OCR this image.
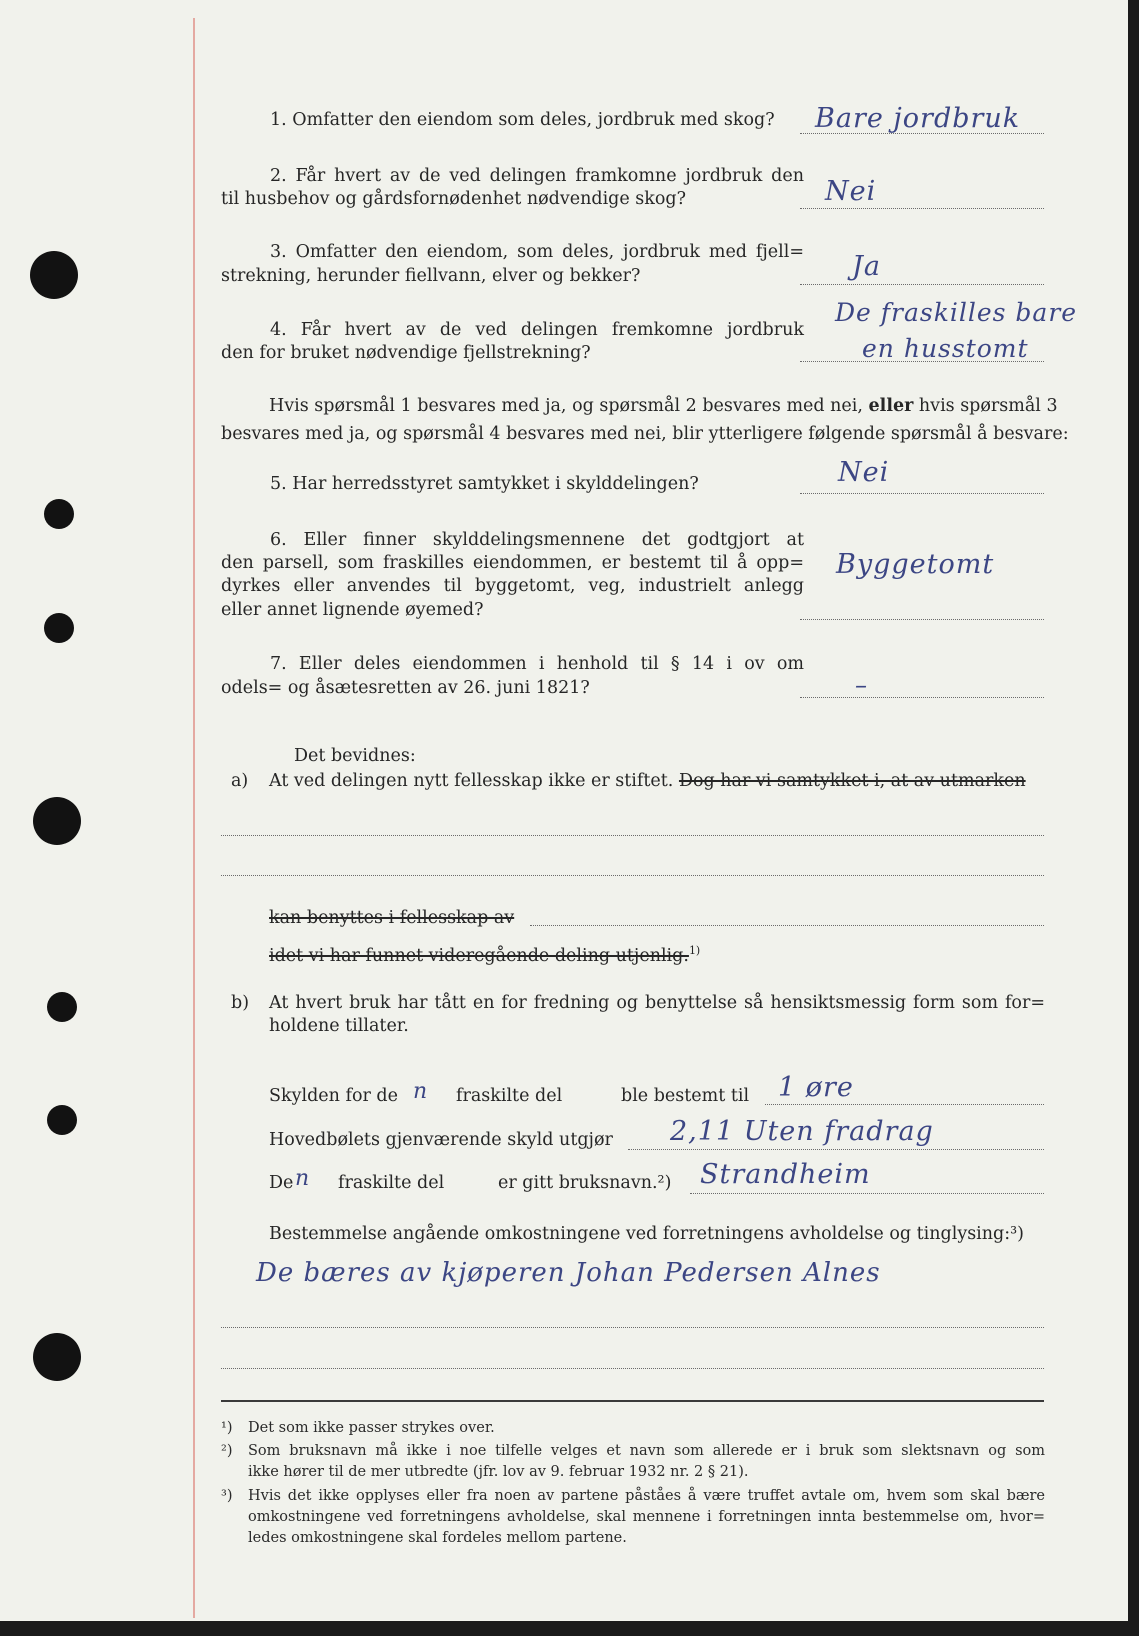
1. Omfatter den eiendom som deles, jordbruk med skog? Bare jordbruk
2. Får hvert av de ved delingen framkomne jordbruk den
til husbehov og gårdsfornødenhet nødvendige skog?	Nei
3. Omfatter den eiendom, som deles, jordbruk med fjell=
strekning, herunder fiellvann, elver og bekker?	Ja
4. Får hvert av de ved delingen fremkomne jordbruk
den for bruket nødvendige fjellstrekning?
De fraskilles bare
en husstomt
Hvis spørsmål 1 besvares med ja, og spørsmål 2 besvares med nei, eller hvis spørsmål 3
besvares med ja, og spørsmål 4 besvares med nei, blir ytterligere følgende spørsmål å besvare:
5. Har herredsstyret samtykket i skylddelingen?	Nei
6. Eller finner skylddelingsmennene det godtgjort at
den parsell, som fraskilles eiendommen, er bestemt til å opp=
dyrkes eller anvendes til byggetomt, veg, industrielt anlegg
eller annet lignende øyemed?
Byggetomt
7. Eller deles eiendommen i henhold til § 14 i ov om
odels= og åsætesretten av 26. juni 1821?	–
Det bevidnes:
a) At ved delingen nytt fellesskap ikke er stiftet. Dog har vi samtykket i, at av utmarken
kan benyttes i fellesskap av
idet vi har funnet videregående deling utjenlig.$^{1)}$
b) At hvert bruk har tått en for fredning og benyttelse så hensiktsmessig form som for=
holdene tillater.
Skylden for de n fraskilte del	ble bestemt til 1 øre
Hovedbølets gjenværende skyld utgjør 2,11 Uten fradrag
De n fraskilte del	er gitt bruksnavn.²) Strandheim
Bestemmelse angående omkostningene ved forretningens avholdelse og tinglysing:³)
De bæres av kjøperen Johan Pedersen Alnes
¹) Det som ikke passer strykes over.
²) Som bruksnavn må ikke i noe tilfelle velges et navn som allerede er i bruk som slektsnavn og som
ikke hører til de mer utbredte (jfr. lov av 9. februar 1932 nr. 2 § 21).
³) Hvis det ikke opplyses eller fra noen av partene påståes å være truffet avtale om, hvem som skal bære
omkostningene ved forretningens avholdelse, skal mennene i forretningen innta bestemmelse om, hvor=
ledes omkostningene skal fordeles mellom partene.
